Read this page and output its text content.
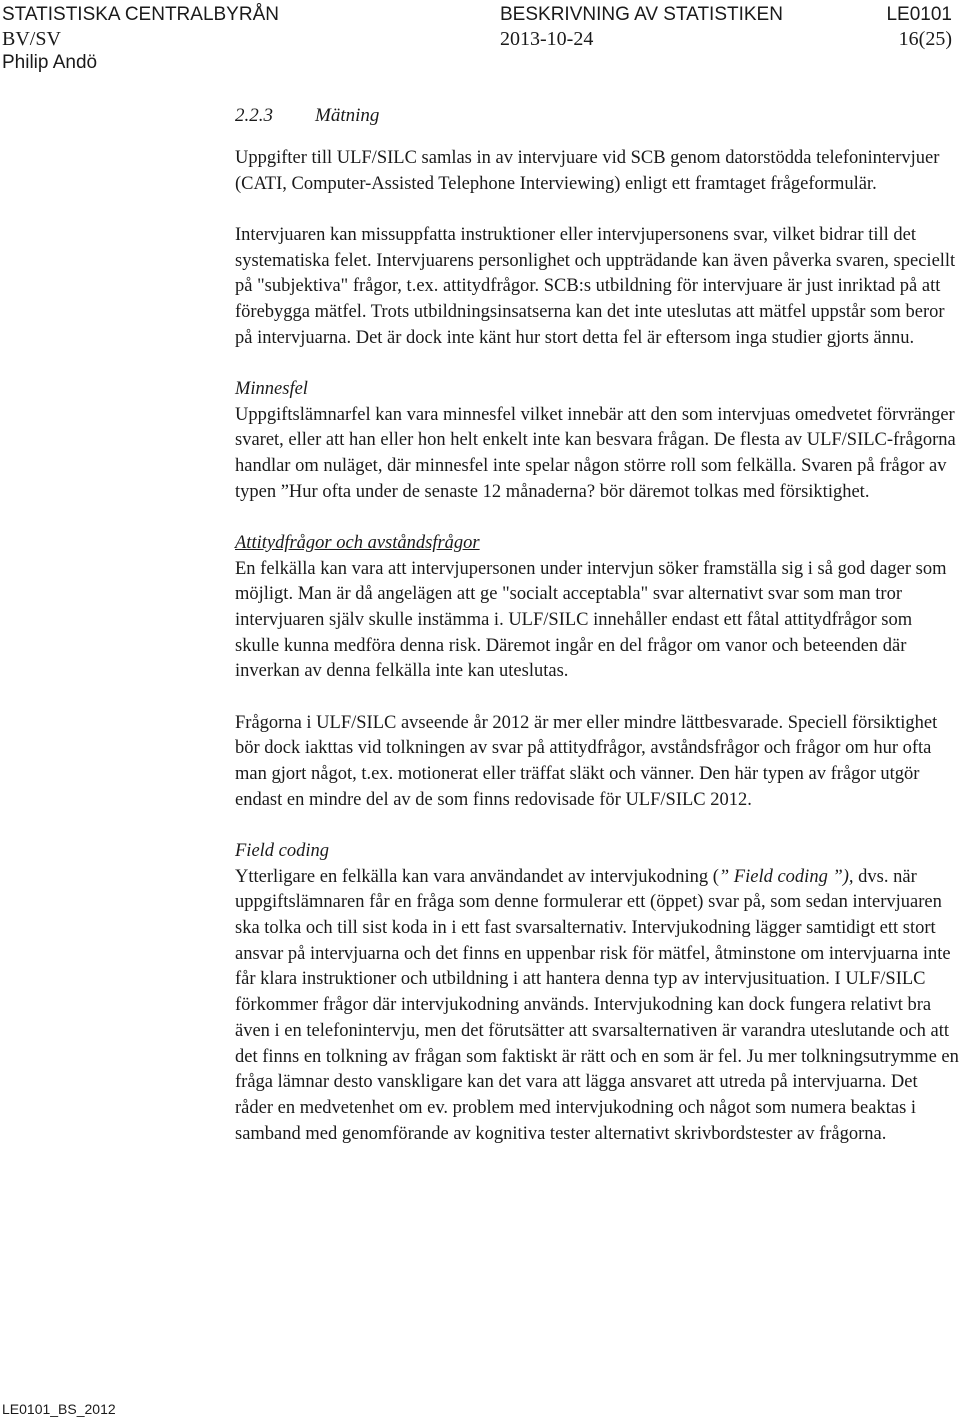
STATISTISKA CENTRALBYRÅN	BESKRIVNING AV STATISTIKEN	LE0101
BV/SV	2013-10-24	16(25)
Philip Andö
2.2.3 Mätning

Uppgifter till ULF/SILC samlas in av intervjuare vid SCB genom datorstödda telefonintervjuer (CATI, Computer-Assisted Telephone Interviewing) enligt ett framtaget frågeformulär.

Intervjuaren kan missuppfatta instruktioner eller intervjupersonens svar, vilket bidrar till det systematiska felet. Intervjuarens personlighet och uppträdande kan även påverka svaren, speciellt på "subjektiva" frågor, t.ex. attitydfrågor. SCB:s utbildning för intervjuare är just inriktad på att förebygga mätfel. Trots utbildningsinsatserna kan det inte uteslutas att mätfel uppstår som beror på intervjuarna. Det är dock inte känt hur stort detta fel är eftersom inga studier gjorts ännu.

Minnesfel
Uppgiftslämnarfel kan vara minnesfel vilket innebär att den som intervjuas omedvetet förvränger svaret, eller att han eller hon helt enkelt inte kan besvara frågan. De flesta av ULF/SILC-frågorna handlar om nuläget, där minnesfel inte spelar någon större roll som felkälla. Svaren på frågor av typen ”Hur ofta under de senaste 12 månaderna? bör däremot tolkas med försiktighet.

Attitydfrågor och avståndsfrågor
En felkälla kan vara att intervjupersonen under intervjun söker framställa sig i så god dager som möjligt. Man är då angelägen att ge "socialt acceptabla" svar alternativt svar som man tror intervjuaren själv skulle instämma i. ULF/SILC innehåller endast ett fåtal attitydfrågor som skulle kunna medföra denna risk. Däremot ingår en del frågor om vanor och beteenden där inverkan av denna felkälla inte kan uteslutas.

Frågorna i ULF/SILC avseende år 2012 är mer eller mindre lättbesvarade. Speciell försiktighet bör dock iakttas vid tolkningen av svar på attitydfrågor, avståndsfrågor och frågor om hur ofta man gjort något, t.ex. motionerat eller träffat släkt och vänner. Den här typen av frågor utgör endast en mindre del av de som finns redovisade för ULF/SILC 2012.

Field coding
Ytterligare en felkälla kan vara användandet av intervjukodning (” Field coding ”), dvs. när uppgiftslämnaren får en fråga som denne formulerar ett (öppet) svar på, som sedan intervjuaren ska tolka och till sist koda in i ett fast svarsalternativ. Intervjukodning lägger samtidigt ett stort ansvar på intervjuarna och det finns en uppenbar risk för mätfel, åtminstone om intervjuarna inte får klara instruktioner och utbildning i att hantera denna typ av intervjusituation. I ULF/SILC förkommer frågor där intervjukodning används. Intervjukodning kan dock fungera relativt bra även i en telefonintervju, men det förutsätter att svarsalternativen är varandra uteslutande och att det finns en tolkning av frågan som faktiskt är rätt och en som är fel. Ju mer tolkningsutrymme en fråga lämnar desto vanskligare kan det vara att lägga ansvaret att utreda på intervjuarna. Det råder en medvetenhet om ev. problem med intervjukodning och något som numera beaktas i samband med genomförande av kognitiva tester alternativt skrivbordstester av frågorna.

LE0101_BS_2012
